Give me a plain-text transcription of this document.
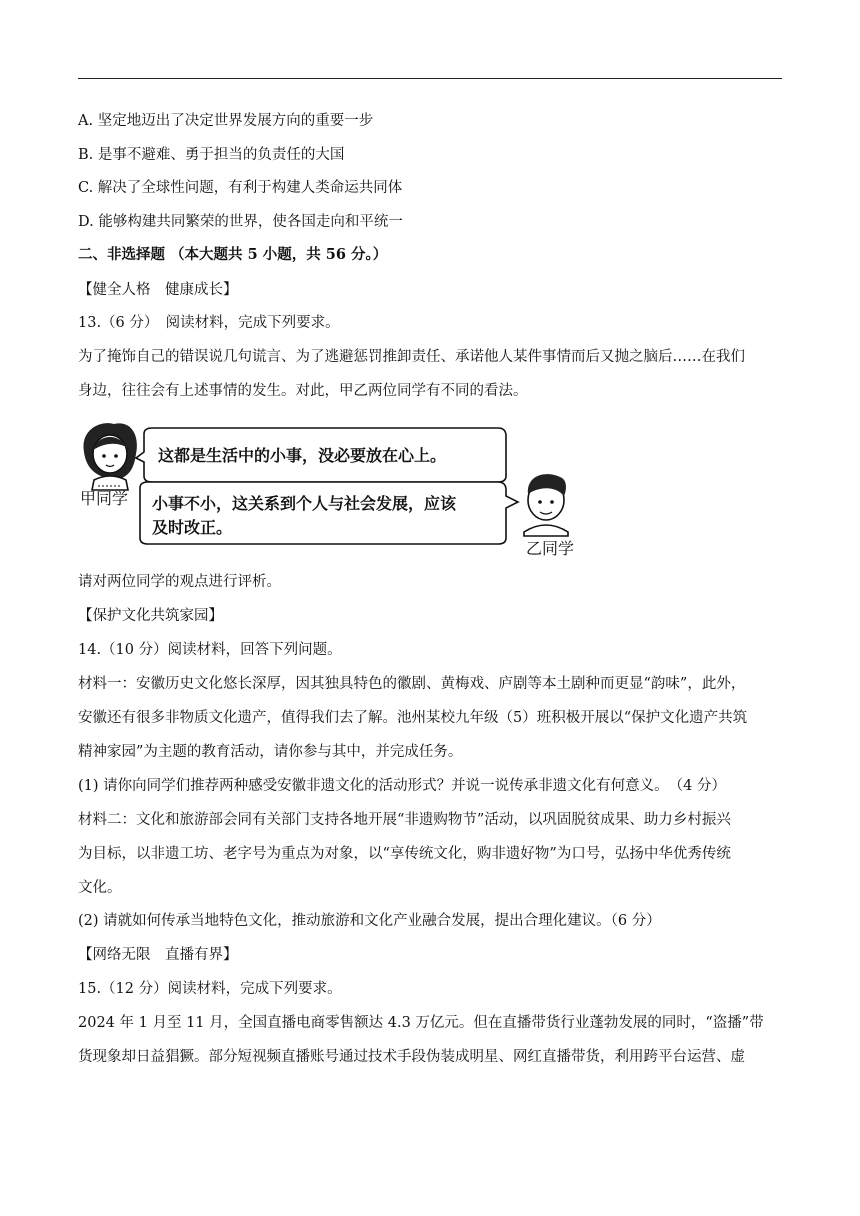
A. 坚定地迈出了决定世界发展方向的重要一步
B. 是事不避难、勇于担当的负责任的大国
C. 解决了全球性问题，有利于构建人类命运共同体
D. 能够构建共同繁荣的世界，使各国走向和平统一
二、非选择题 （本大题共 5 小题，共 56 分。）
【健全人格　健康成长】
13.（6 分）　阅读材料，完成下列要求。
为了掩饰自己的错误说几句谎言、为了逃避惩罚推卸责任、承诺他人某件事情而后又抛之脑后……在我们
身边，往往会有上述事情的发生。对此，甲乙两位同学有不同的看法。
甲同学
这都是生活中的小事，没必要放在心上。
小事不小，这关系到个人与社会发展，应该
及时改正。
乙同学
请对两位同学的观点进行评析。
【保护文化共筑家园】
14.（10 分）阅读材料，回答下列问题。
材料一：安徽历史文化悠长深厚，因其独具特色的徽剧、黄梅戏、庐剧等本土剧种而更显“韵味”，此外，
安徽还有很多非物质文化遗产，值得我们去了解。池州某校九年级（5）班积极开展以“保护文化遗产共筑
精神家园”为主题的教育活动，请你参与其中，并完成任务。
(1) 请你向同学们推荐两种感受安徽非遗文化的活动形式？并说一说传承非遗文化有何意义。　（4 分）
材料二：文化和旅游部会同有关部门支持各地开展“非遗购物节”活动，以巩固脱贫成果、助力乡村振兴
为目标，以非遗工坊、老字号为重点为对象，以“享传统文化，购非遗好物”为口号，弘扬中华优秀传统
文化。
(2) 请就如何传承当地特色文化，推动旅游和文化产业融合发展，提出合理化建议。（6 分）
【网络无限　直播有界】
15.（12 分）阅读材料，完成下列要求。
2024 年 1 月至 11 月，全国直播电商零售额达 4.3 万亿元。但在直播带货行业蓬勃发展的同时，“盗播”带
货现象却日益猖獗。部分短视频直播账号通过技术手段伪装成明星、网红直播带货，利用跨平台运营、虚
